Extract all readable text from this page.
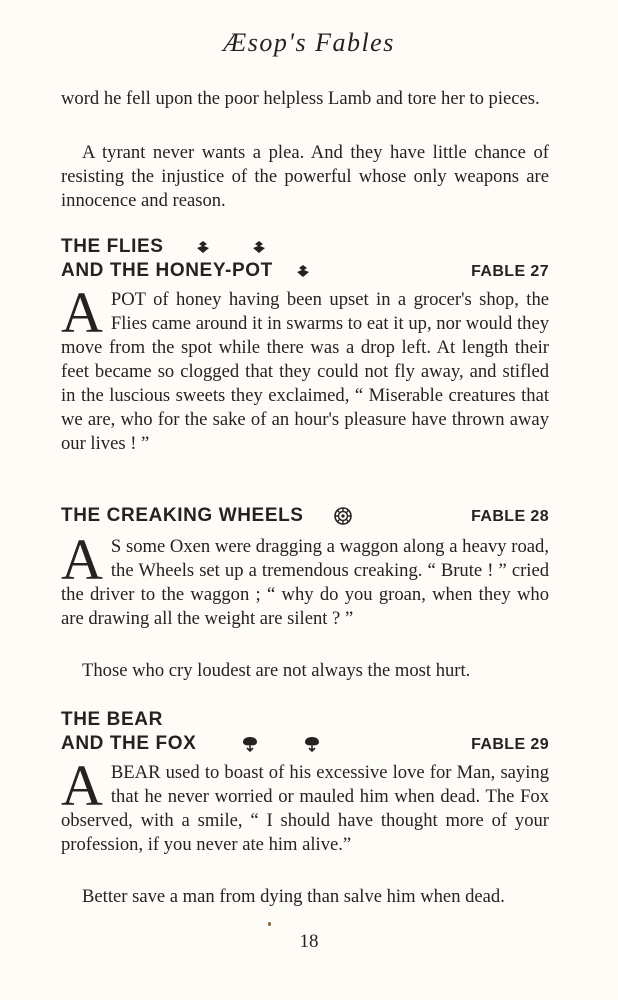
Æsop's Fables

word he fell upon the poor helpless Lamb and tore her to pieces.

A tyrant never wants a plea. And they have little chance of resisting the injustice of the powerful whose only weapons are innocence and reason.

THE FLIES
AND THE HONEY-POT	FABLE 27

APOT of honey having been upset in a grocer's shop, the Flies came around it in swarms to eat it up, nor would they move from the spot while there was a drop left. At length their feet became so clogged that they could not fly away, and stifled in the luscious sweets they exclaimed, “ Miserable creatures that we are, who for the sake of an hour's pleasure have thrown away our lives ! ”

THE CREAKING WHEELS	FABLE 28

A S some Oxen were dragging a waggon along a heavy road, the Wheels set up a tremendous creaking. “ Brute ! ” cried the driver to the waggon ; “ why do you groan, when they who are drawing all the weight are silent ? ”

Those who cry loudest are not always the most hurt.

THE BEAR
AND THE FOX	FABLE 29

ABEAR used to boast of his excessive love for Man, saying that he never worried or mauled him when dead. The Fox observed, with a smile, “ I should have thought more of your profession, if you never ate him alive.”

Better save a man from dying than salve him when dead.

18
